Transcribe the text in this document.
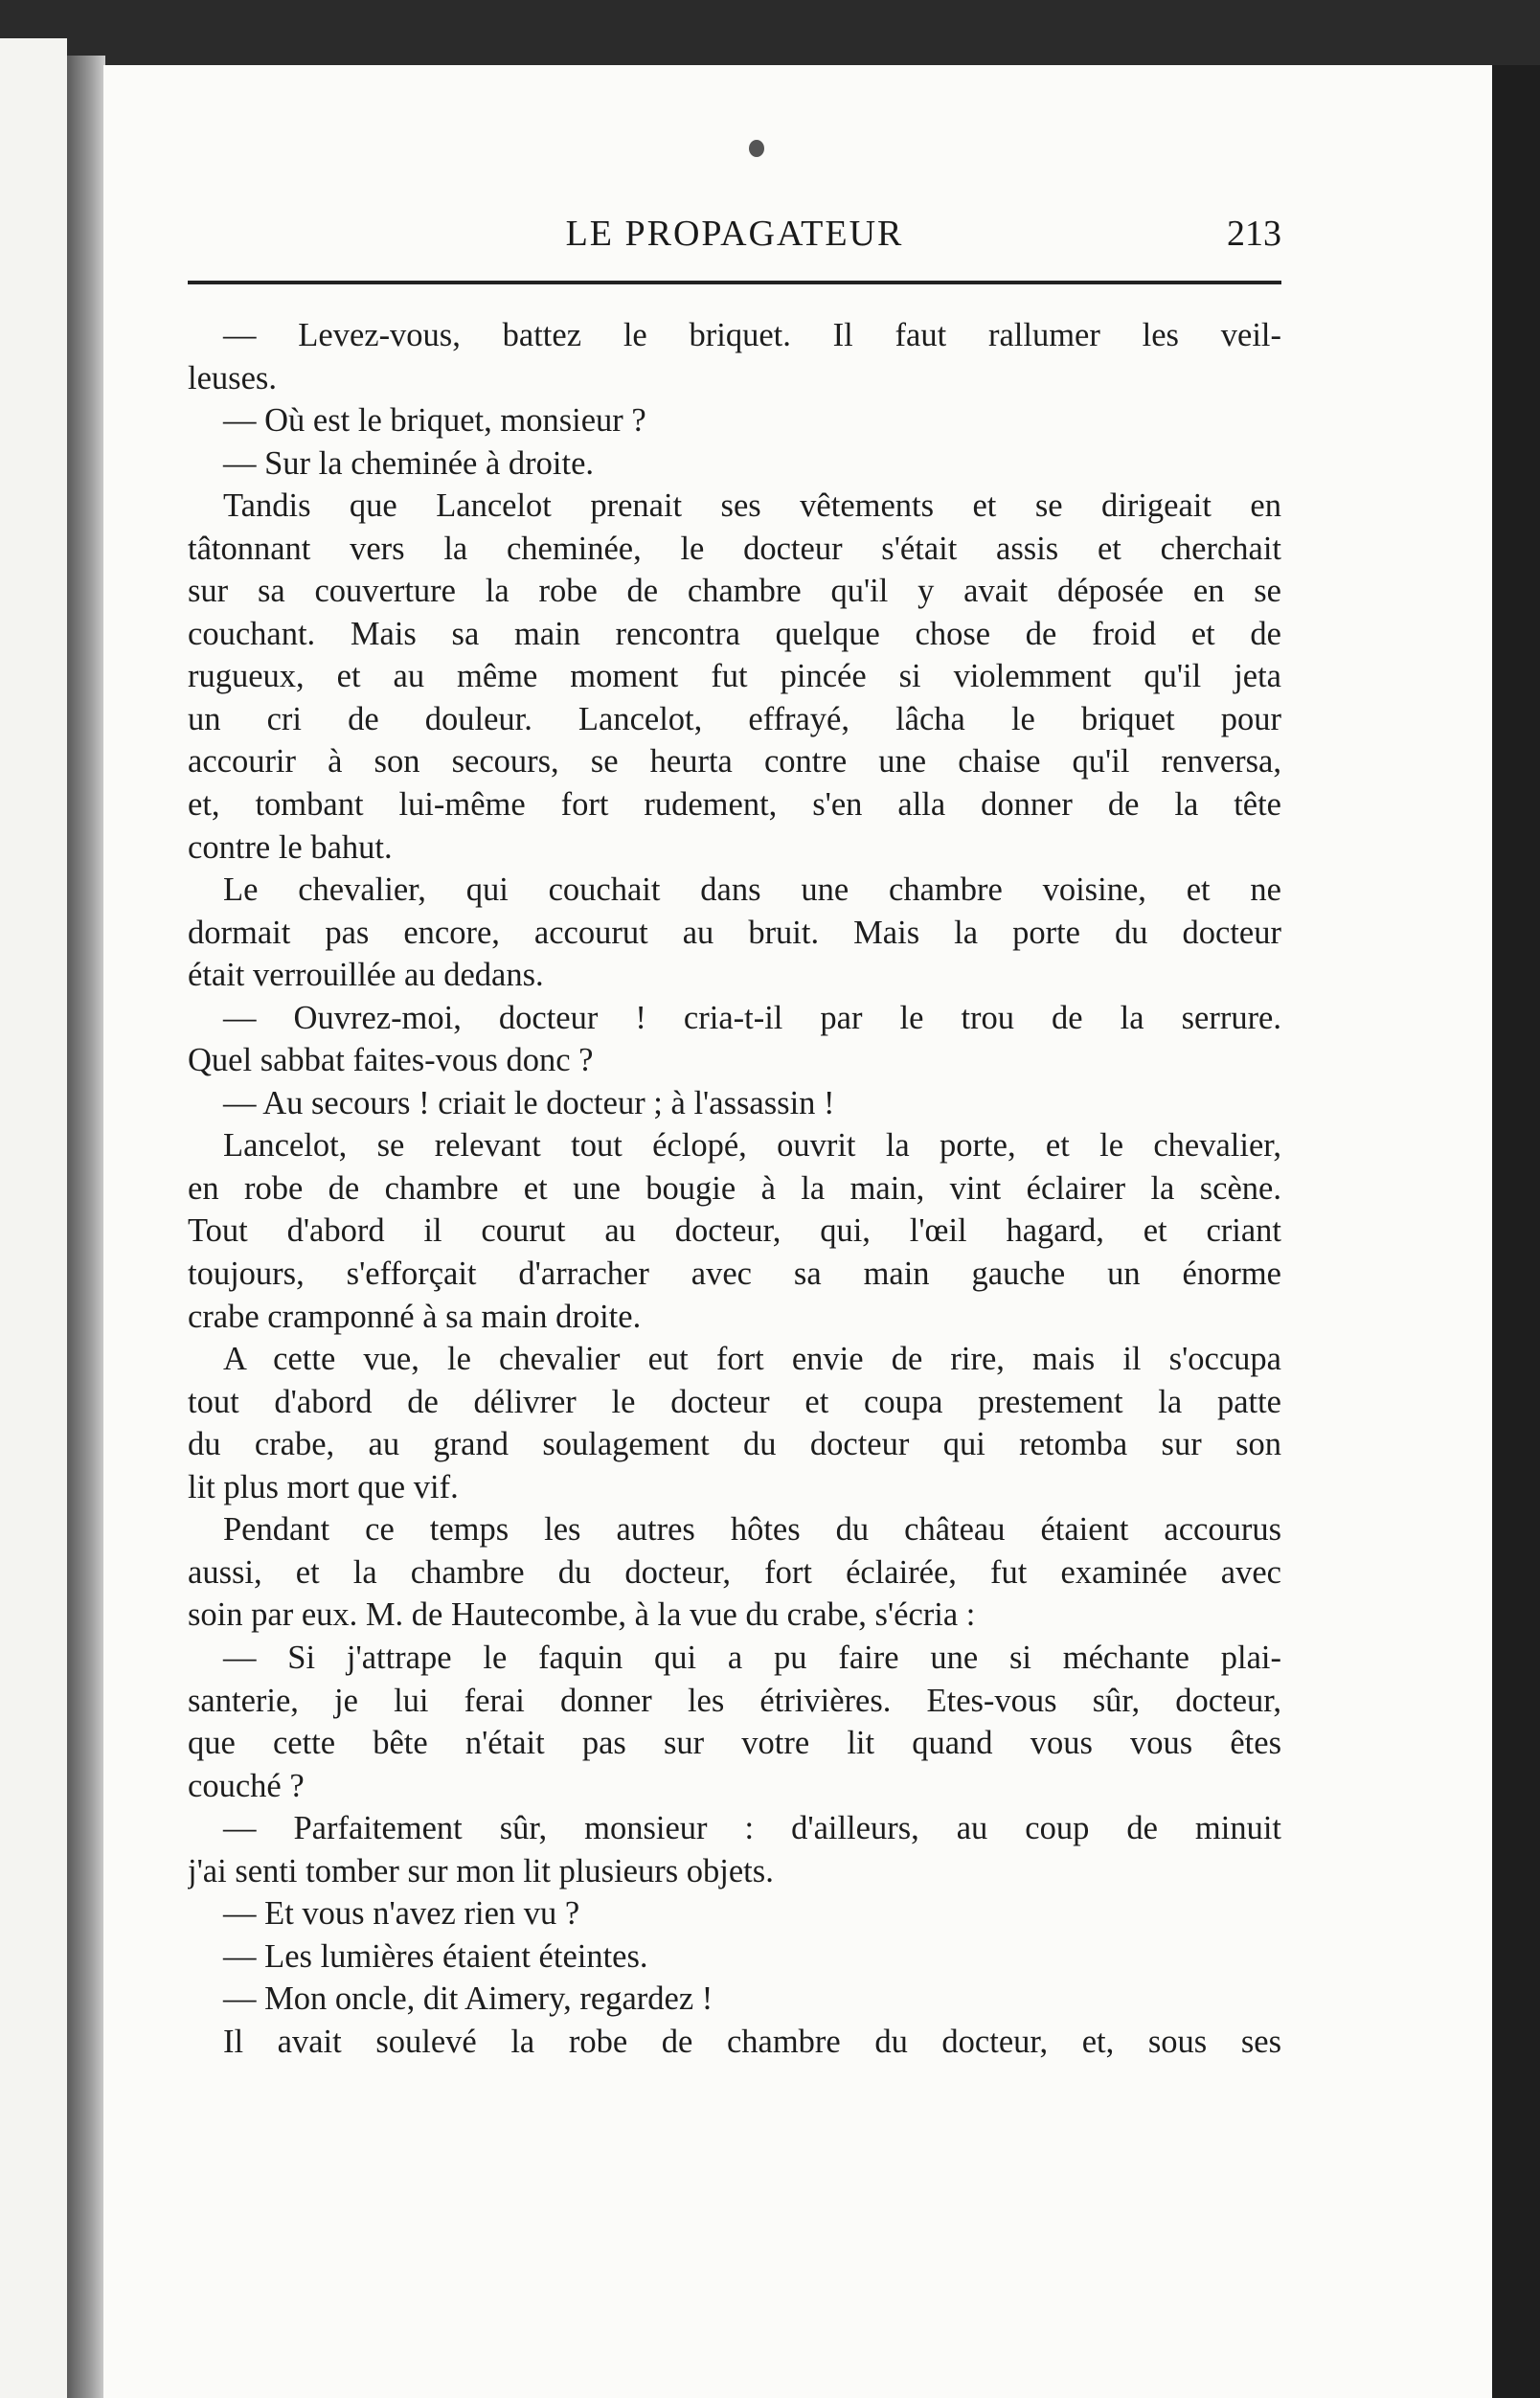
LE PROPAGATEUR	213
— Levez-vous, battez le briquet. Il faut rallumer les veil-
leuses.
— Où est le briquet, monsieur ?
— Sur la cheminée à droite.
Tandis que Lancelot prenait ses vêtements et se dirigeait en
tâtonnant vers la cheminée, le docteur s'était assis et cherchait
sur sa couverture la robe de chambre qu'il y avait déposée en se
couchant. Mais sa main rencontra quelque chose de froid et de
rugueux, et au même moment fut pincée si violemment qu'il jeta
un cri de douleur. Lancelot, effrayé, lâcha le briquet pour
accourir à son secours, se heurta contre une chaise qu'il renversa,
et, tombant lui-même fort rudement, s'en alla donner de la tête
contre le bahut.
Le chevalier, qui couchait dans une chambre voisine, et ne
dormait pas encore, accourut au bruit. Mais la porte du docteur
était verrouillée au dedans.
— Ouvrez-moi, docteur ! cria-t-il par le trou de la serrure.
Quel sabbat faites-vous donc ?
— Au secours ! criait le docteur ; à l'assassin !
Lancelot, se relevant tout éclopé, ouvrit la porte, et le chevalier,
en robe de chambre et une bougie à la main, vint éclairer la scène.
Tout d'abord il courut au docteur, qui, l'œil hagard, et criant
toujours, s'efforçait d'arracher avec sa main gauche un énorme
crabe cramponné à sa main droite.
A cette vue, le chevalier eut fort envie de rire, mais il s'occupa
tout d'abord de délivrer le docteur et coupa prestement la patte
du crabe, au grand soulagement du docteur qui retomba sur son
lit plus mort que vif.
Pendant ce temps les autres hôtes du château étaient accourus
aussi, et la chambre du docteur, fort éclairée, fut examinée avec
soin par eux. M. de Hautecombe, à la vue du crabe, s'écria :
— Si j'attrape le faquin qui a pu faire une si méchante plai-
santerie, je lui ferai donner les étrivières. Etes-vous sûr, docteur,
que cette bête n'était pas sur votre lit quand vous vous êtes
couché ?
— Parfaitement sûr, monsieur : d'ailleurs, au coup de minuit
j'ai senti tomber sur mon lit plusieurs objets.
— Et vous n'avez rien vu ?
— Les lumières étaient éteintes.
— Mon oncle, dit Aimery, regardez !
Il avait soulevé la robe de chambre du docteur, et, sous ses
